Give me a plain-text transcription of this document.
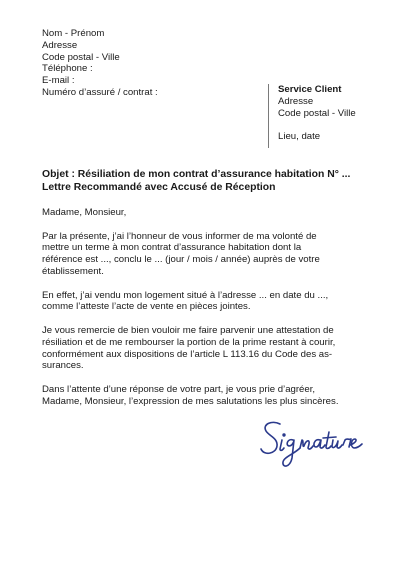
Nom - Prénom
Adresse
Code postal - Ville
Téléphone :
E-mail :
Numéro d’assuré / contrat :	Service Client
Adresse
Code postal - Ville
Lieu, date
Objet : Résiliation de mon contrat d’assurance habitation N° ...
Lettre Recommandé avec Accusé de Réception

Madame, Monsieur,

Par la présente, j’ai l’honneur de vous informer de ma volonté de
mettre un terme à mon contrat d’assurance habitation dont la
référence est ..., conclu le ... (jour / mois / année) auprès de votre
établissement.

En effet, j’ai vendu mon logement situé à l’adresse ... en date du ...,
comme l’atteste l’acte de vente en pièces jointes.

Je vous remercie de bien vouloir me faire parvenir une attestation de
résiliation et de me rembourser la portion de la prime restant à courir,
conformément aux dispositions de l’article L 113.16 du Code des as-
surances.

Dans l’attente d’une réponse de votre part, je vous prie d’agréer,
Madame, Monsieur, l’expression de mes salutations les plus sincères.
